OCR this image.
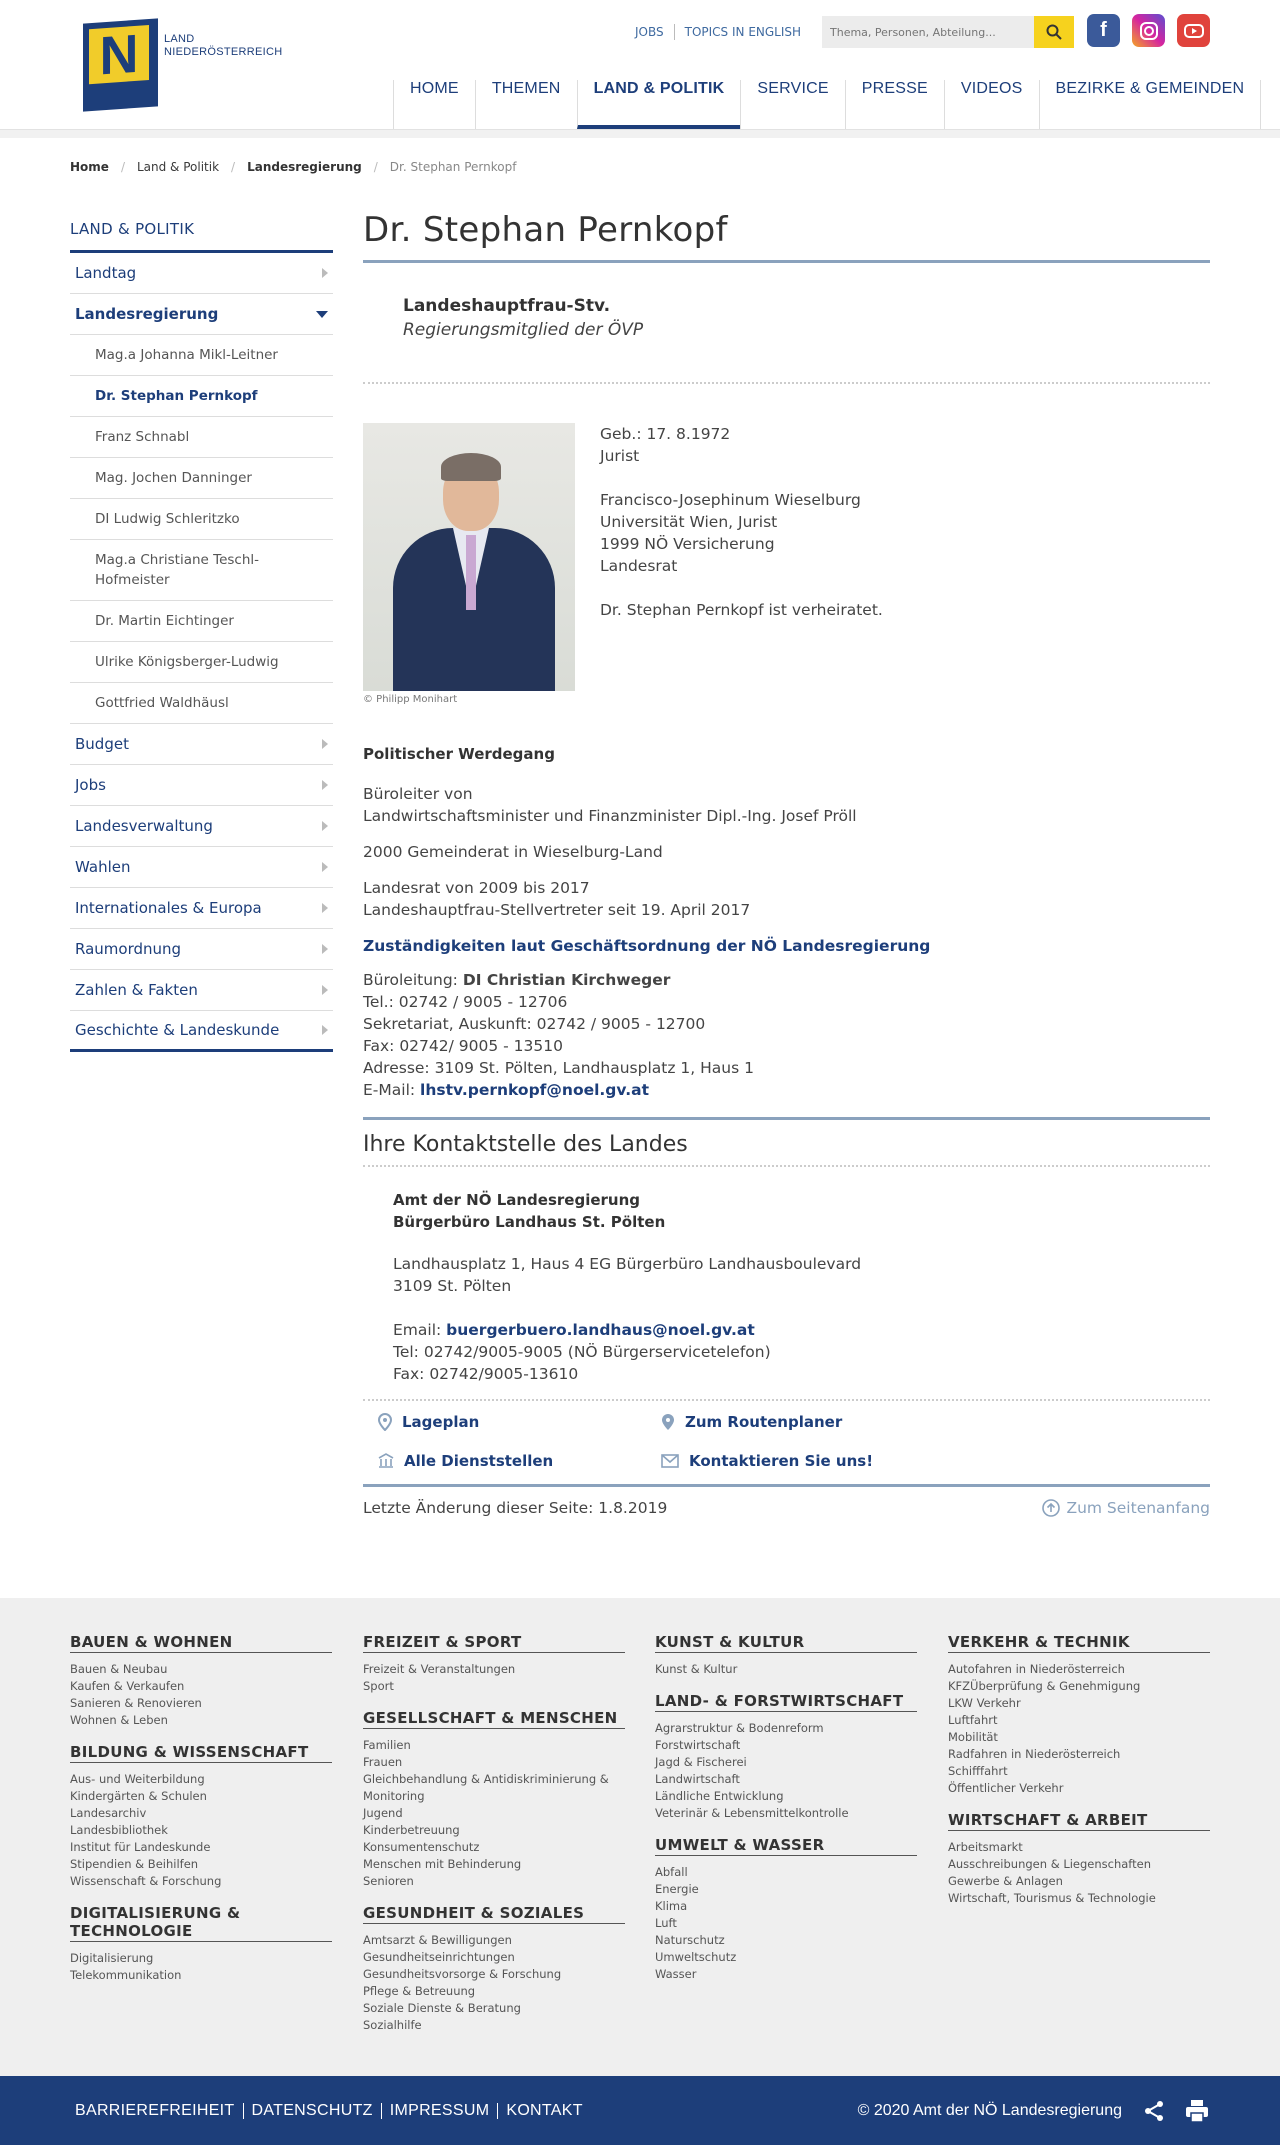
N	LAND
NIEDERÖSTERREICH
JOBS	TOPICS IN ENGLISH
Thema, Personen, Abteilung...	f
HOME	THEMEN	LAND & POLITIK	SERVICE	PRESSE	VIDEOS	BEZIRKE & GEMEINDEN
Home / Land & Politik / Landesregierung / Dr. Stephan Pernkopf
LAND & POLITIK
Landtag
Landesregierung
Mag.a Johanna Mikl-Leitner
Dr. Stephan Pernkopf
Franz Schnabl
Mag. Jochen Danninger
DI Ludwig Schleritzko
Mag.a Christiane Teschl-Hofmeister
Dr. Martin Eichtinger
Ulrike Königsberger-Ludwig
Gottfried Waldhäusl
Budget
Jobs
Landesverwaltung
Wahlen
Internationales & Europa
Raumordnung
Zahlen & Fakten
Geschichte & Landeskunde
Dr. Stephan Pernkopf
Landeshauptfrau-Stv.
Regierungsmitglied der ÖVP
© Philipp Monihart
Geb.: 17. 8.1972
Jurist
Francisco-Josephinum Wieselburg
Universität Wien, Jurist
1999 NÖ Versicherung
Landesrat
Dr. Stephan Pernkopf ist verheiratet.
Politischer Werdegang

Büroleiter von
Landwirtschaftsminister und Finanzminister Dipl.-Ing. Josef Pröll

2000 Gemeinderat in Wieselburg-Land

Landesrat von 2009 bis 2017
Landeshauptfrau-Stellvertreter seit 19. April 2017

Zuständigkeiten laut Geschäftsordnung der NÖ Landesregierung

Büroleitung: DI Christian Kirchweger
Tel.: 02742 / 9005 - 12706
Sekretariat, Auskunft: 02742 / 9005 - 12700
Fax: 02742/ 9005 - 13510
Adresse: 3109 St. Pölten, Landhausplatz 1, Haus 1
E-Mail: lhstv.pernkopf@noel.gv.at
Ihre Kontaktstelle des Landes
Amt der NÖ Landesregierung
Bürgerbüro Landhaus St. Pölten
Landhausplatz 1, Haus 4 EG Bürgerbüro Landhausboulevard
3109 St. Pölten
Email: buergerbuero.landhaus@noel.gv.at
Tel: 02742/9005-9005 (NÖ Bürgerservicetelefon)
Fax: 02742/9005-13610
Lageplan	Zum Routenplaner
Alle Dienststellen	Kontaktieren Sie uns!
Letzte Änderung dieser Seite: 1.8.2019	Zum Seitenanfang
BAUEN & WOHNEN
Bauen & Neubau
Kaufen & Verkaufen
Sanieren & Renovieren
Wohnen & Leben
BILDUNG & WISSENSCHAFT
Aus- und Weiterbildung
Kindergärten & Schulen
Landesarchiv
Landesbibliothek
Institut für Landeskunde
Stipendien & Beihilfen
Wissenschaft & Forschung
DIGITALISIERUNG & TECHNOLOGIE
Digitalisierung
Telekommunikation
FREIZEIT & SPORT
Freizeit & Veranstaltungen
Sport
GESELLSCHAFT & MENSCHEN
Familien
Frauen
Gleichbehandlung & Antidiskriminierung & Monitoring
Jugend
Kinderbetreuung
Konsumentenschutz
Menschen mit Behinderung
Senioren
GESUNDHEIT & SOZIALES
Amtsarzt & Bewilligungen
Gesundheitseinrichtungen
Gesundheitsvorsorge & Forschung
Pflege & Betreuung
Soziale Dienste & Beratung
Sozialhilfe
KUNST & KULTUR
Kunst & Kultur
LAND- & FORSTWIRTSCHAFT
Agrarstruktur & Bodenreform
Forstwirtschaft
Jagd & Fischerei
Landwirtschaft
Ländliche Entwicklung
Veterinär & Lebensmittelkontrolle
UMWELT & WASSER
Abfall
Energie
Klima
Luft
Naturschutz
Umweltschutz
Wasser
VERKEHR & TECHNIK
Autofahren in Niederösterreich
KFZÜberprüfung & Genehmigung
LKW Verkehr
Luftfahrt
Mobilität
Radfahren in Niederösterreich
Schifffahrt
Öffentlicher Verkehr
WIRTSCHAFT & ARBEIT
Arbeitsmarkt
Ausschreibungen & Liegenschaften
Gewerbe & Anlagen
Wirtschaft, Tourismus & Technologie
BARRIEREFREIHEIT	DATENSCHUTZ	IMPRESSUM	KONTAKT	© 2020 Amt der NÖ Landesregierung
